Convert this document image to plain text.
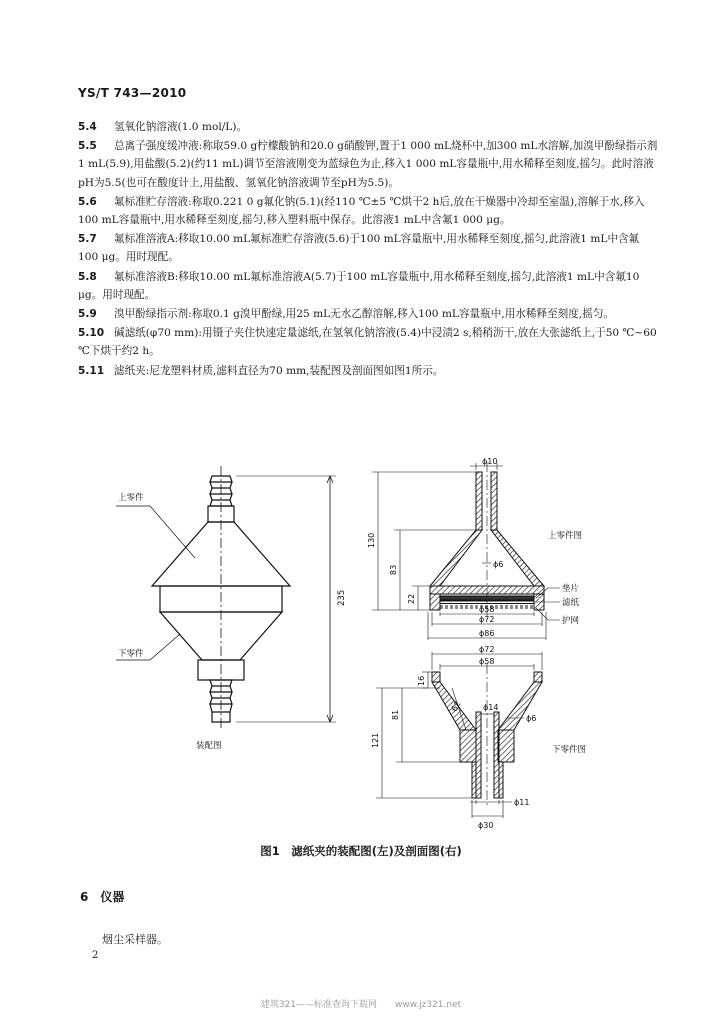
YS/T 743—2010
5.4 氢氧化钠溶液(1.0 mol/L)。
5.5 总离子强度缓冲液:称取59.0 g柠檬酸钠和20.0 g硝酸钾,置于1 000 mL烧杯中,加300 mL水溶解,加溴甲酚绿指示剂1 mL(5.9),用盐酸(5.2)(约11 mL)调节至溶液刚变为蓝绿色为止,移入1 000 mL容量瓶中,用水稀释至刻度,摇匀。此时溶液pH为5.5(也可在酸度计上,用盐酸、氢氧化钠溶液调节至pH为5.5)。
5.6 氟标准贮存溶液:称取0.221 0 g氟化钠(5.1)(经110 ℃±5 ℃烘干2 h后,放在干燥器中冷却至室温),溶解于水,移入100 mL容量瓶中,用水稀释至刻度,摇匀,移入塑料瓶中保存。此溶液1 mL中含氟1 000 μg。
5.7 氟标准溶液A:移取10.00 mL氟标准贮存溶液(5.6)于100 mL容量瓶中,用水稀释至刻度,摇匀,此溶液1 mL中含氟100 μg。用时现配。
5.8 氟标准溶液B:移取10.00 mL氟标准溶液A(5.7)于100 mL容量瓶中,用水稀释至刻度,摇匀,此溶液1 mL中含氟10 μg。用时现配。
5.9 溴甲酚绿指示剂:称取0.1 g溴甲酚绿,用25 mL无水乙醇溶解,移入100 mL容量瓶中,用水稀释至刻度,摇匀。
5.10 碱滤纸(φ70 mm):用镊子夹住快速定量滤纸,在氢氧化钠溶液(5.4)中浸渍2 s,稍稍沥干,放在大张滤纸上,于50 ℃~60 ℃下烘干约2 h。
5.11 滤纸夹:尼龙塑料材质,滤料直径为70 mm,装配图及剖面图如图1所示。
上零件
下零件
装配图
235
ϕ10
130
83
22
ϕ6
ϕ58
ϕ72
ϕ86
上零件图
垫片
滤纸
护网
ϕ72
ϕ58
16
62
81
ϕ14
ϕ6
121
ϕ11
ϕ30
下零件图
图1　滤纸夹的装配图(左)及剖面图(右)
6 仪器
烟尘采样器。
2
建筑321——标准查询下载网　　www.jz321.net
